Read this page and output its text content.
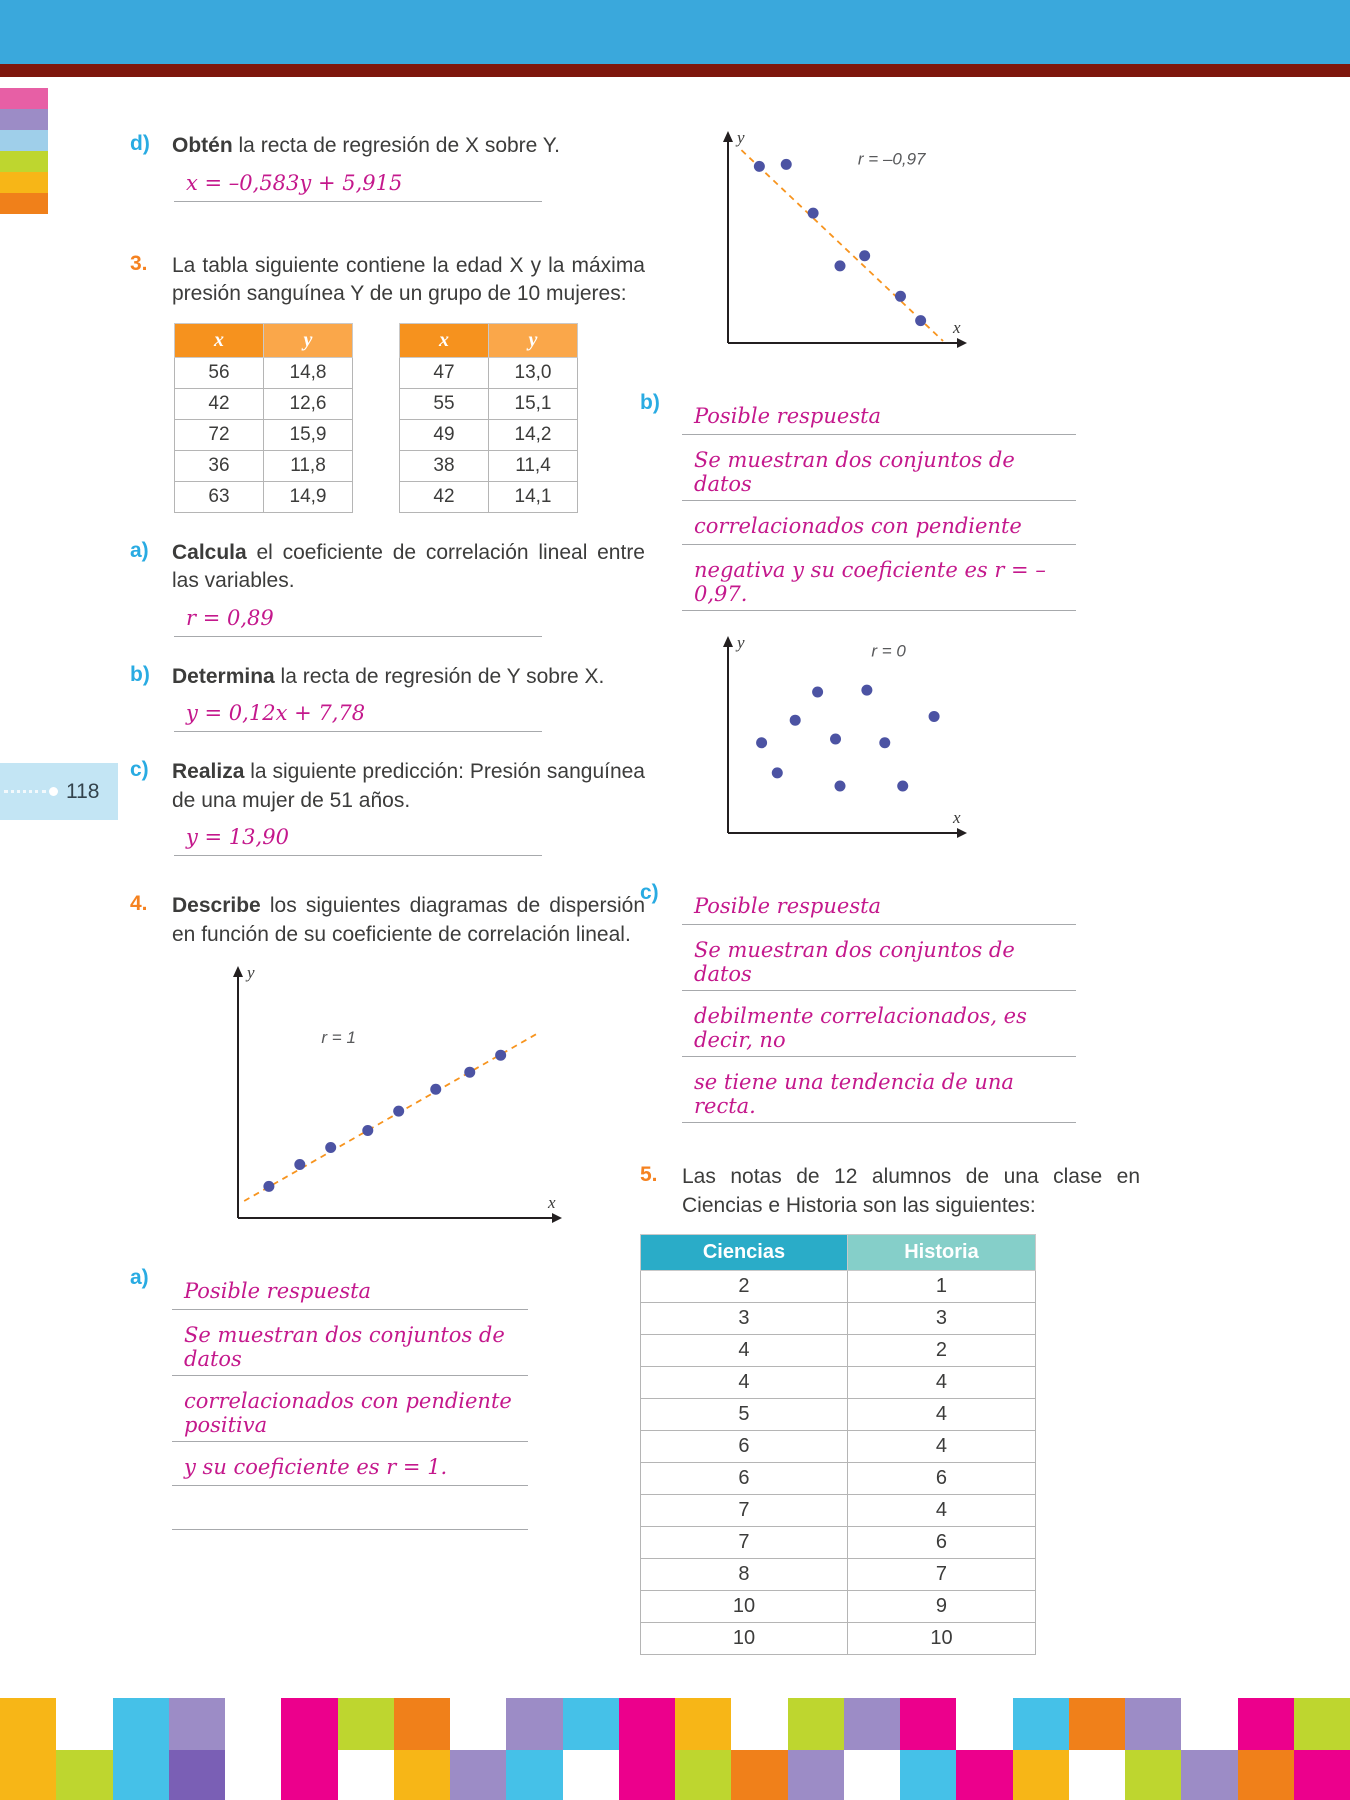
118
d)	Obtén la recta de regresión de X sobre Y.

x = –0,583y + 5,915
3.	La tabla siguiente contiene la edad X y la máxima presión sanguínea Y de un grupo de 10 mujeres:

x	y
56	14,8
42	12,6
72	15,9
36	11,8
63	14,9
x	y
47	13,0
55	15,1
49	14,2
38	11,4
42	14,1
a)	Calcula el coeficiente de correlación lineal entre las variables.

r = 0,89
b)	Determina la recta de regresión de Y sobre X.

y = 0,12x + 7,78
c)	Realiza la siguiente predicción: Presión sanguínea de una mujer de 51 años.

y = 13,90
4.	Describe los siguientes diagramas de dispersión en función de su coeficiente de correlación lineal.

y
x
r = 1
a)
Posible respuesta
Se muestran dos conjuntos de datos
correlacionados con pendiente positiva
y su coeficiente es r = 1.
y
x
r = –0,97
b)
Posible respuesta
Se muestran dos conjuntos de datos
correlacionados con pendiente
negativa y su coeficiente es r = –0,97.
y
x
r = 0
c)
Posible respuesta
Se muestran dos conjuntos de datos
debilmente correlacionados, es decir, no
se tiene una tendencia de una recta.
5.	Las notas de 12 alumnos de una clase en Ciencias e Historia son las siguientes:

Ciencias	Historia
2	1
3	3
4	2
4	4
5	4
6	4
6	6
7	4
7	6
8	7
10	9
10	10
